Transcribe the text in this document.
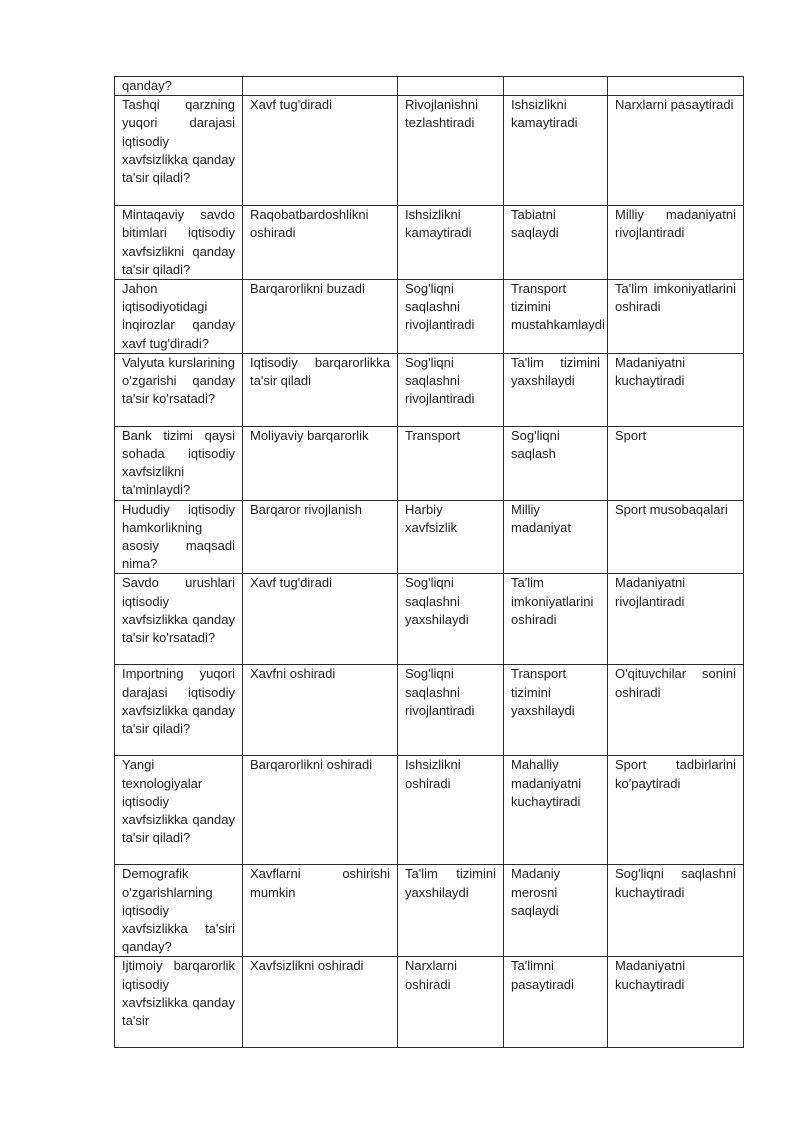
qanday?				
Tashqi qarzning yuqori darajasi iqtisodiy xavfsizlikka qanday ta'sir qiladi?	Xavf tug'diradi	Rivojlanishni tezlashtiradi	Ishsizlikni kamaytiradi	Narxlarni pasaytiradi
Mintaqaviy savdo bitimlari iqtisodiy xavfsizlikni qanday ta'sir qiladi?	Raqobatbardoshlikni oshiradi	Ishsizlikni kamaytiradi	Tabiatni saqlaydi	Milliy madaniyatni rivojlantiradi
Jahon iqtisodiyotidagi inqirozlar qanday xavf tug'diradi?	Barqarorlikni buzadi	Sog'liqni saqlashni rivojlantiradi	Transport tizimini mustahkamlaydi	Ta'lim imkoniyatlarini oshiradi
Valyuta kurslarining o'zgarishi qanday ta'sir ko'rsatadi?	Iqtisodiy barqarorlikka ta'sir qiladi	Sog'liqni saqlashni rivojlantiradi	Ta'lim tizimini yaxshilaydi	Madaniyatni kuchaytiradi
Bank tizimi qaysi sohada iqtisodiy xavfsizlikni ta'minlaydi?	Moliyaviy barqarorlik	Transport	Sog'liqni saqlash	Sport
Hududiy iqtisodiy hamkorlikning asosiy maqsadi nima?	Barqaror rivojlanish	Harbiy xavfsizlik	Milliy madaniyat	Sport musobaqalari
Savdo urushlari iqtisodiy xavfsizlikka qanday ta'sir ko'rsatadi?	Xavf tug'diradi	Sog'liqni saqlashni yaxshilaydi	Ta'lim imkoniyatlarini oshiradi	Madaniyatni rivojlantiradi
Importning yuqori darajasi iqtisodiy xavfsizlikka qanday ta'sir qiladi?	Xavfni oshiradi	Sog'liqni saqlashni rivojlantiradi	Transport tizimini yaxshilaydi	O'qituvchilar sonini oshiradi
Yangi texnologiyalar iqtisodiy xavfsizlikka qanday ta'sir qiladi?	Barqarorlikni oshiradi	Ishsizlikni oshiradi	Mahalliy madaniyatni kuchaytiradi	Sport tadbirlarini ko'paytiradi
Demografik o'zgarishlarning iqtisodiy xavfsizlikka ta'siri qanday?	Xavflarni oshirishi mumkin	Ta'lim tizimini yaxshilaydi	Madaniy merosni saqlaydi	Sog'liqni saqlashni kuchaytiradi
Ijtimoiy barqarorlik iqtisodiy xavfsizlikka qanday ta'sir	Xavfsizlikni oshiradi	Narxlarni oshiradi	Ta'limni pasaytiradi	Madaniyatni kuchaytiradi
